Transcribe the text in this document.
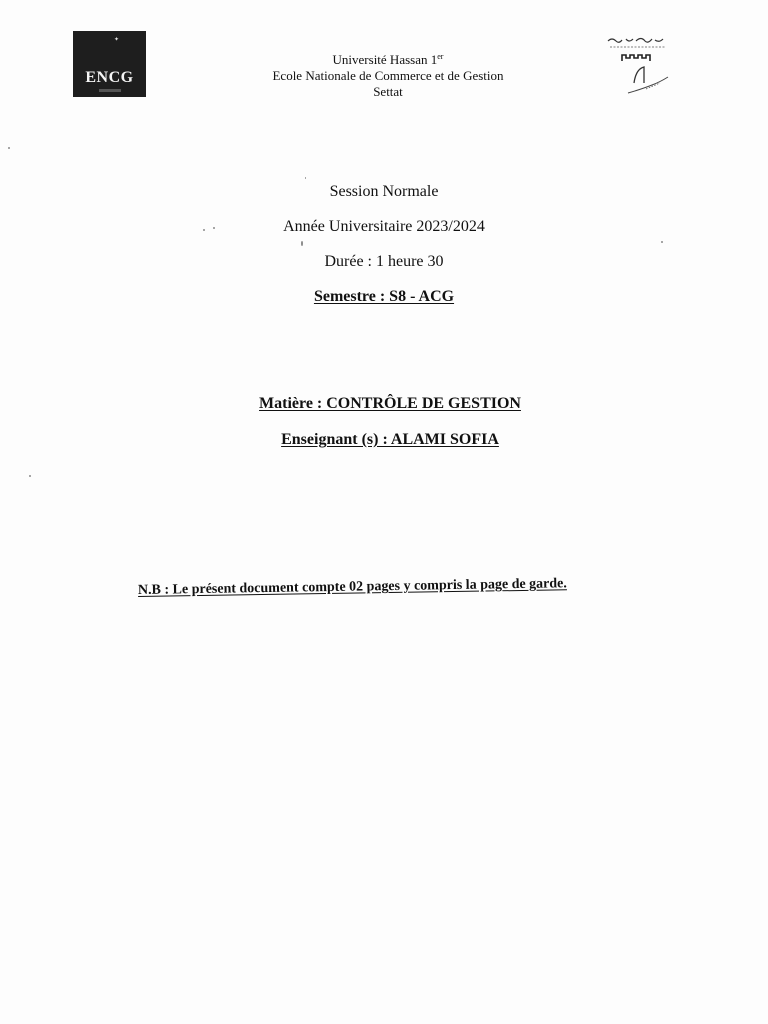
✦
ENCG
Université Hassan 1er
Ecole Nationale de Commerce et de Gestion
Settat
Session Normale
Année Universitaire 2023/2024
Durée : 1 heure 30
Semestre : S8 - ACG
Matière : CONTRÔLE DE GESTION
Enseignant (s) : ALAMI SOFIA
N.B : Le présent document compte 02 pages y compris la page de garde.
